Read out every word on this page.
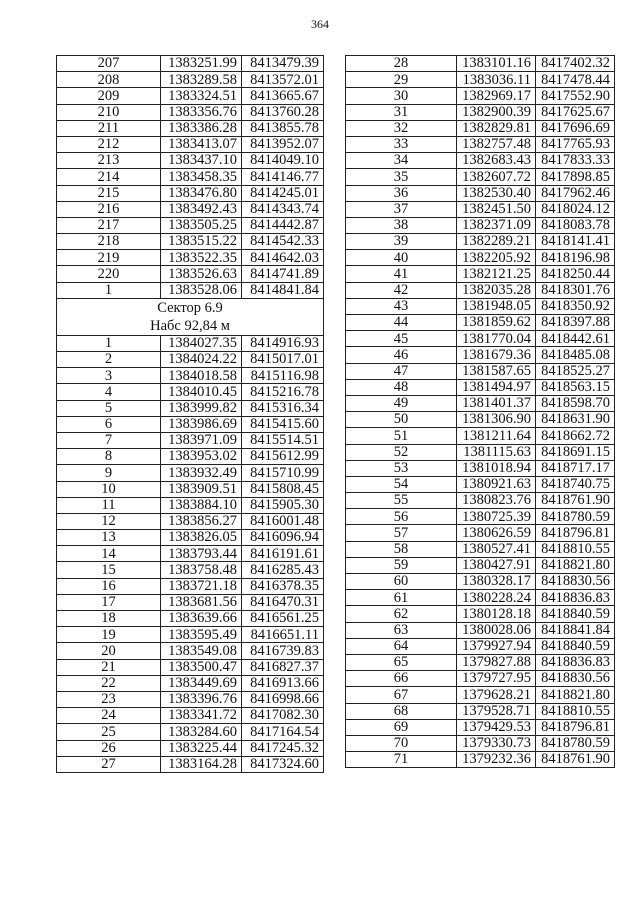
364
207	1383251.99	8413479.39
208	1383289.58	8413572.01
209	1383324.51	8413665.67
210	1383356.76	8413760.28
211	1383386.28	8413855.78
212	1383413.07	8413952.07
213	1383437.10	8414049.10
214	1383458.35	8414146.77
215	1383476.80	8414245.01
216	1383492.43	8414343.74
217	1383505.25	8414442.87
218	1383515.22	8414542.33
219	1383522.35	8414642.03
220	1383526.63	8414741.89
1	1383528.06	8414841.84

Сектор 6.9
Набс 92,84 м		

1	1384027.35	8414916.93
2	1384024.22	8415017.01
3	1384018.58	8415116.98
4	1384010.45	8415216.78
5	1383999.82	8415316.34
6	1383986.69	8415415.60
7	1383971.09	8415514.51
8	1383953.02	8415612.99
9	1383932.49	8415710.99
10	1383909.51	8415808.45
11	1383884.10	8415905.30
12	1383856.27	8416001.48
13	1383826.05	8416096.94
14	1383793.44	8416191.61
15	1383758.48	8416285.43
16	1383721.18	8416378.35
17	1383681.56	8416470.31
18	1383639.66	8416561.25
19	1383595.49	8416651.11
20	1383549.08	8416739.83
21	1383500.47	8416827.37
22	1383449.69	8416913.66
23	1383396.76	8416998.66
24	1383341.72	8417082.30
25	1383284.60	8417164.54
26	1383225.44	8417245.32
27	1383164.28	8417324.60
28	1383101.16	8417402.32
29	1383036.11	8417478.44
30	1382969.17	8417552.90
31	1382900.39	8417625.67
32	1382829.81	8417696.69
33	1382757.48	8417765.93
34	1382683.43	8417833.33
35	1382607.72	8417898.85
36	1382530.40	8417962.46
37	1382451.50	8418024.12
38	1382371.09	8418083.78
39	1382289.21	8418141.41
40	1382205.92	8418196.98
41	1382121.25	8418250.44
42	1382035.28	8418301.76
43	1381948.05	8418350.92
44	1381859.62	8418397.88
45	1381770.04	8418442.61
46	1381679.36	8418485.08
47	1381587.65	8418525.27
48	1381494.97	8418563.15
49	1381401.37	8418598.70
50	1381306.90	8418631.90
51	1381211.64	8418662.72
52	1381115.63	8418691.15
53	1381018.94	8418717.17
54	1380921.63	8418740.75
55	1380823.76	8418761.90
56	1380725.39	8418780.59
57	1380626.59	8418796.81
58	1380527.41	8418810.55
59	1380427.91	8418821.80
60	1380328.17	8418830.56
61	1380228.24	8418836.83
62	1380128.18	8418840.59
63	1380028.06	8418841.84
64	1379927.94	8418840.59
65	1379827.88	8418836.83
66	1379727.95	8418830.56
67	1379628.21	8418821.80
68	1379528.71	8418810.55
69	1379429.53	8418796.81
70	1379330.73	8418780.59
71	1379232.36	8418761.90
